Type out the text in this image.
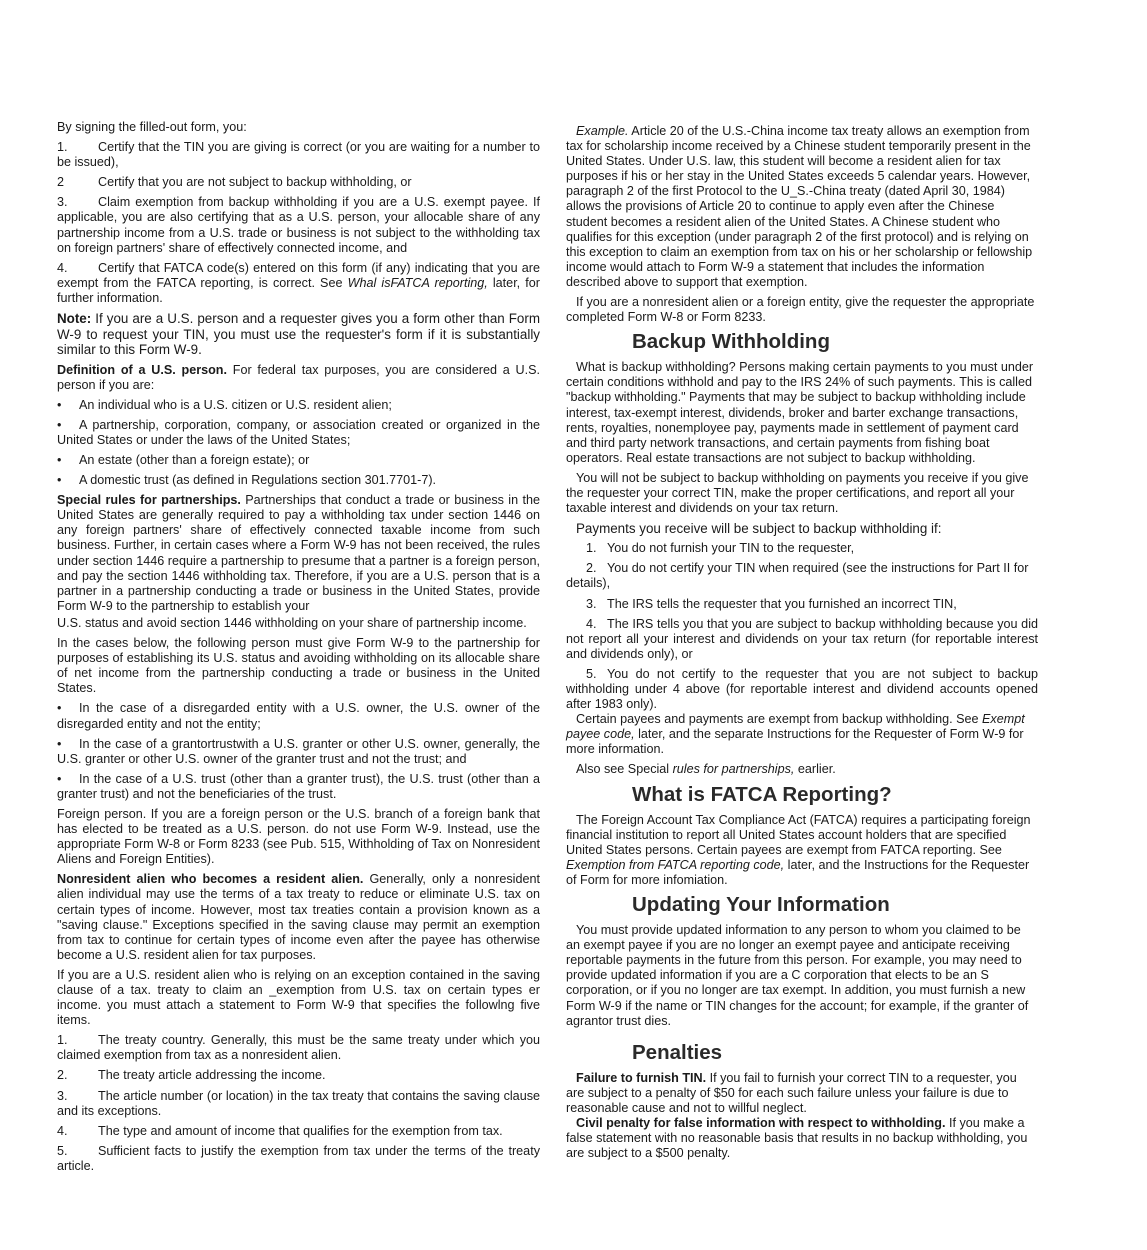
By signing the filled-out form, you:

1. Certify that the TIN you are giving is correct (or you are waiting for a number to be issued),

2	Certify that you are not subject to backup withholding, or

3. Claim exemption from backup withholding if you are a U.S. exempt payee. If applicable, you are also certifying that as a U.S. person, your allocable share of any partnership income from a U.S. trade or business is not subject to the withholding tax on foreign partners' share of effectively connected income, and

4. Certify that FATCA code(s) entered on this form (if any) indicating that you are exempt from the FATCA reporting, is correct. See Whal isFATCA reporting, later, for further information.

Note: If you are a U.S. person and a requester gives you a form other than Form W-9 to request your TIN, you must use the requester's form if it is substantially similar to this Form W-9.

Definition of a U.S. person. For federal tax purposes, you are considered a U.S. person if you are:

• An individual who is a U.S. citizen or U.S. resident alien;

• A partnership, corporation, company, or association created or organized in the United States or under the laws of the United States;

• An estate (other than a foreign estate); or

• A domestic trust (as defined in Regulations section 301.7701-7).

Special rules for partnerships. Partnerships that conduct a trade or business in the United States are generally required to pay a withholding tax under section 1446 on any foreign partners' share of effectively connected taxable income from such business. Further, in certain cases where a Form W-9 has not been received, the rules under section 1446 require a partnership to presume that a partner is a foreign person, and pay the section 1446 withholding tax. Therefore, if you are a U.S. person that is a partner in a partnership conducting a trade or business in the United States, provide Form W-9 to the partnership to establish your

U.S. status and avoid section 1446 withholding on your share of partnership income.

In the cases below, the following person must give Form W-9 to the partnership for purposes of establishing its U.S. status and avoiding withholding on its allocable share of net income from the partnership conducting a trade or business in the United States.

• In the case of a disregarded entity with a U.S. owner, the U.S. owner of the disregarded entity and not the entity;

• In the case of a grantortrustwith a U.S. granter or other U.S. owner, generally, the U.S. granter or other U.S. owner of the granter trust and not the trust; and

• In the case of a U.S. trust (other than a granter trust), the U.S. trust (other than a granter trust) and not the beneficiaries of the trust.

Foreign person. If you are a foreign person or the U.S. branch of a foreign bank that has elected to be treated as a U.S. person. do not use Form W-9. Instead, use the appropriate Form W-8 or Form 8233 (see Pub. 515, Withholding of Tax on Nonresident Aliens and Foreign Entities).

Nonresident alien who becomes a resident alien. Generally, only a nonresident alien individual may use the terms of a tax treaty to reduce or eliminate U.S. tax on certain types of income. However, most tax treaties contain a provision known as a "saving clause." Exceptions specified in the saving clause may permit an exemption from tax to continue for certain types of income even after the payee has otherwise become a U.S. resident alien for tax purposes.

If you are a U.S. resident alien who is relying on an exception contained in the saving clause of a tax. treaty to claim an _exemption from U.S. tax on certain types er income. you must attach a statement to Form W-9 that specifies the followlng five items.

1. The treaty country. Generally, this must be the same treaty under which you claimed exemption from tax as a nonresident alien.

2. The treaty article addressing the income.

3. The article number (or location) in the tax treaty that contains the saving clause and its exceptions.

4. The type and amount of income that qualifies for the exemption from tax.

5. Sufficient facts to justify the exemption from tax under the terms of the treaty article.

Example. Article 20 of the U.S.-China income tax treaty allows an exemption from tax for scholarship income received by a Chinese student temporarily present in the United States. Under U.S. law, this student will become a resident alien for tax purposes if his or her stay in the United States exceeds 5 calendar years. However, paragraph 2 of the first Protocol to the U_S.-China treaty (dated April 30, 1984) allows the provisions of Article 20 to continue to apply even after the Chinese student becomes a resident alien of the United States. A Chinese student who qualifies for this exception (under paragraph 2 of the first protocol) and is relying on this exception to claim an exemption from tax on his or her scholarship or fellowship income would attach to Form W-9 a statement that includes the information described above to support that exemption.

If you are a nonresident alien or a foreign entity, give the requester the appropriate completed Form W-8 or Form 8233.

Backup Withholding

What is backup withholding? Persons making certain payments to you must under certain conditions withhold and pay to the IRS 24% of such payments. This is called "backup withholding." Payments that may be subject to backup withholding include interest, tax-exempt interest, dividends, broker and barter exchange transactions, rents, royalties, nonemployee pay, payments made in settlement of payment card and third party network transactions, and certain payments from fishing boat operators. Real estate transactions are not subject to backup withholding.

You will not be subject to backup withholding on payments you receive if you give the requester your correct TIN, make the proper certifications, and report all your taxable interest and dividends on your tax return.

Payments you receive will be subject to backup withholding if:

1. You do not furnish your TIN to the requester,

2. You do not certify your TIN when required (see the instructions for Part II for details),

3. The IRS tells the requester that you furnished an incorrect TIN,

4. The IRS tells you that you are subject to backup withholding because you did not report all your interest and dividends on your tax return (for reportable interest and dividends only), or

5. You do not certify to the requester that you are not subject to backup withholding under 4 above (for reportable interest and dividend accounts opened after 1983 only).

Certain payees and payments are exempt from backup withholding. See Exempt payee code, later, and the separate Instructions for the Requester of Form W-9 for more information.

Also see Special rules for partnerships, earlier.

What is FATCA Reporting?

The Foreign Account Tax Compliance Act (FATCA) requires a participating foreign financial institution to report all United States account holders that are specified United States persons. Certain payees are exempt from FATCA reporting. See Exemption from FATCA reporting code, later, and the Instructions for the Requester of Form for more infomiation.

Updating Your Information

You must provide updated information to any person to whom you claimed to be an exempt payee if you are no longer an exempt payee and anticipate receiving reportable payments in the future from this person. For example, you may need to provide updated information if you are a C corporation that elects to be an S corporation, or if you no longer are tax exempt. In addition, you must furnish a new Form W-9 if the name or TIN changes for the account; for example, if the granter of agrantor trust dies.

Penalties

Failure to furnish TIN. If you fail to furnish your correct TIN to a requester, you are subject to a penalty of $50 for each such failure unless your failure is due to reasonable cause and not to willful neglect.

Civil penalty for false information with respect to withholding. If you make a false statement with no reasonable basis that results in no backup withholding, you are subject to a $500 penalty.
